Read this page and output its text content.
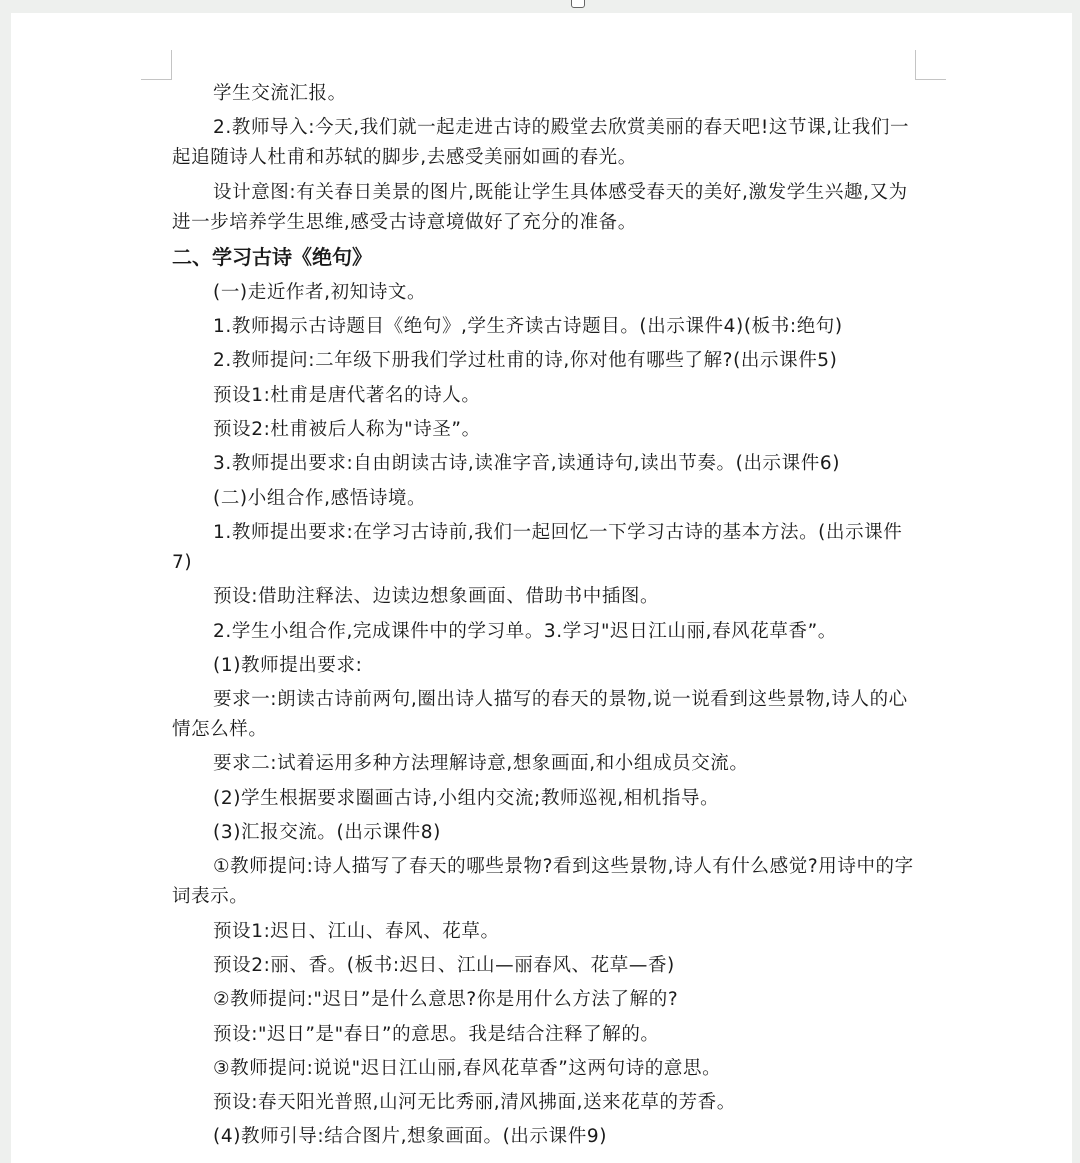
学生交流汇报。
2.教师导入:今天,我们就一起走进古诗的殿堂去欣赏美丽的春天吧!这节课,让我们一起追随诗人杜甫和苏轼的脚步,去感受美丽如画的春光。
设计意图:有关春日美景的图片,既能让学生具体感受春天的美好,激发学生兴趣,又为进一步培养学生思维,感受古诗意境做好了充分的准备。
二、学习古诗《绝句》
(一)走近作者,初知诗文。
1.教师揭示古诗题目《绝句》,学生齐读古诗题目。(出示课件4)(板书:绝句)
2.教师提问:二年级下册我们学过杜甫的诗,你对他有哪些了解?(出示课件5)
预设1:杜甫是唐代著名的诗人。
预设2:杜甫被后人称为"诗圣”。
3.教师提出要求:自由朗读古诗,读准字音,读通诗句,读出节奏。(出示课件6)
(二)小组合作,感悟诗境。
1.教师提出要求:在学习古诗前,我们一起回忆一下学习古诗的基本方法。(出示课件7)
预设:借助注释法、边读边想象画面、借助书中插图。
2.学生小组合作,完成课件中的学习单。3.学习"迟日江山丽,春风花草香”。
(1)教师提出要求:
要求一:朗读古诗前两句,圈出诗人描写的春天的景物,说一说看到这些景物,诗人的心情怎么样。
要求二:试着运用多种方法理解诗意,想象画面,和小组成员交流。
(2)学生根据要求圈画古诗,小组内交流;教师巡视,相机指导。
(3)汇报交流。(出示课件8)
①教师提问:诗人描写了春天的哪些景物?看到这些景物,诗人有什么感觉?用诗中的字词表示。
预设1:迟日、江山、春风、花草。
预设2:丽、香。(板书:迟日、江山—丽春风、花草—香)
②教师提问:"迟日”是什么意思?你是用什么方法了解的?
预设:"迟日”是"春日”的意思。我是结合注释了解的。
③教师提问:说说"迟日江山丽,春风花草香”这两句诗的意思。
预设:春天阳光普照,山河无比秀丽,清风拂面,送来花草的芳香。
(4)教师引导:结合图片,想象画面。(出示课件9)
